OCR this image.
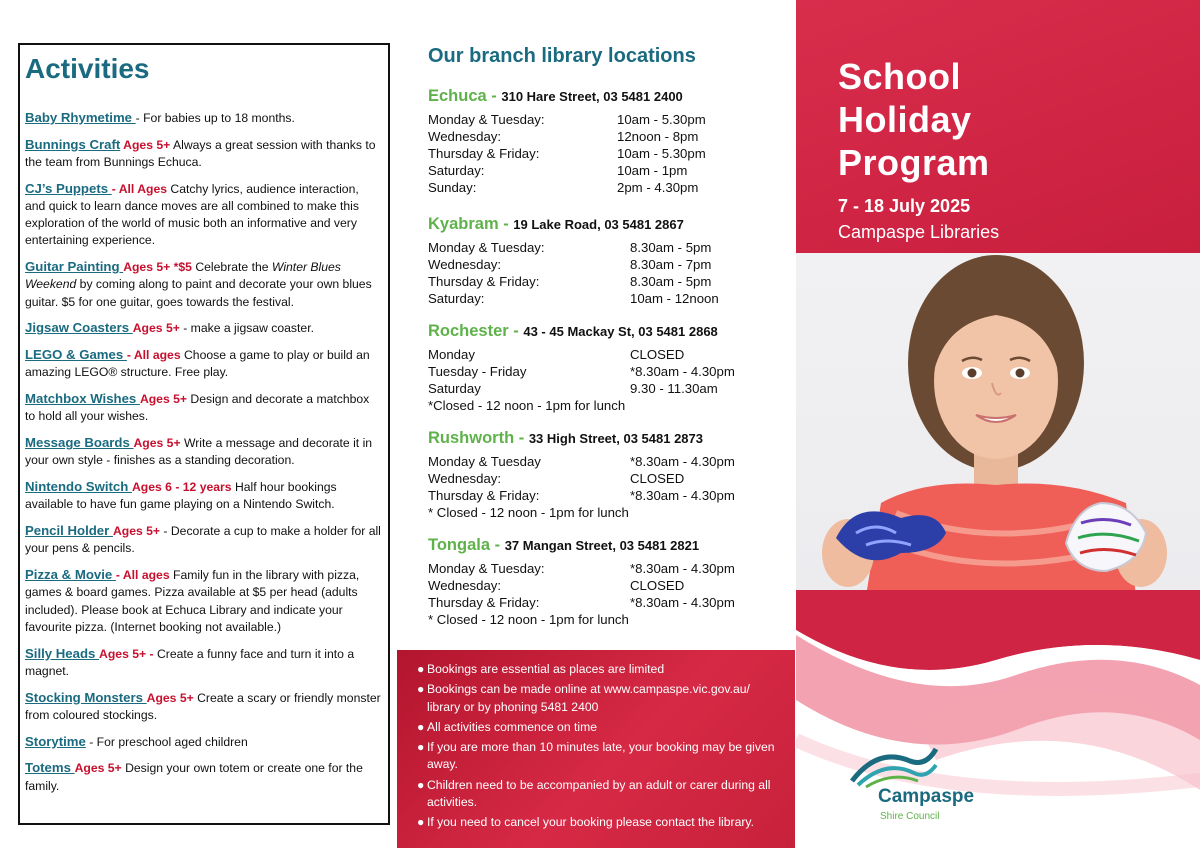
Activities
Baby Rhymetime - For babies up to 18 months.
Bunnings Craft Ages 5+ Always a great session with thanks to the team from Bunnings Echuca.
CJ’s Puppets - All Ages Catchy lyrics, audience interaction, and quick to learn dance moves are all combined to make this exploration of the world of music both an informative and very entertaining experience.
Guitar Painting Ages 5+ *$5 Celebrate the Winter Blues Weekend by coming along to paint and decorate your own blues guitar. $5 for one guitar, goes towards the festival.
Jigsaw Coasters Ages 5+ - make a jigsaw coaster.
LEGO & Games - All ages Choose a game to play or build an amazing LEGO® structure. Free play.
Matchbox Wishes Ages 5+ Design and decorate a matchbox to hold all your wishes.
Message Boards Ages 5+ Write a message and decorate it in your own style - finishes as a standing decoration.
Nintendo Switch Ages 6 - 12 years Half hour bookings available to have fun game playing on a Nintendo Switch.
Pencil Holder Ages 5+ - Decorate a cup to make a holder for all your pens & pencils.
Pizza & Movie - All ages Family fun in the library with pizza, games & board games. Pizza available at $5 per head (adults included). Please book at Echuca Library and indicate your favourite pizza. (Internet booking not available.)
Silly Heads Ages 5+ - Create a funny face and turn it into a magnet.
Stocking Monsters Ages 5+ Create a scary or friendly monster from coloured stockings.
Storytime - For preschool aged children
Totems Ages 5+ Design your own totem or create one for the family.
Our branch library locations
Echuca - 310 Hare Street, 03 5481 2400
Monday & Tuesday:	10am - 5.30pm
Wednesday:	12noon - 8pm
Thursday & Friday:	10am - 5.30pm
Saturday:	10am - 1pm
Sunday:	2pm - 4.30pm
Kyabram - 19 Lake Road, 03 5481 2867
Monday & Tuesday:	8.30am - 5pm
Wednesday:	8.30am - 7pm
Thursday & Friday:	8.30am - 5pm
Saturday:	10am - 12noon
Rochester - 43 - 45 Mackay St, 03 5481 2868
Monday	CLOSED
Tuesday - Friday	*8.30am - 4.30pm
Saturday	9.30 - 11.30am
*Closed - 12 noon - 1pm for lunch
Rushworth - 33 High Street, 03 5481 2873
Monday & Tuesday	*8.30am - 4.30pm
Wednesday:	CLOSED
Thursday & Friday:	*8.30am - 4.30pm
* Closed - 12 noon - 1pm for lunch
Tongala - 37 Mangan Street, 03 5481 2821
Monday & Tuesday:	*8.30am - 4.30pm
Wednesday:	CLOSED
Thursday & Friday:	*8.30am - 4.30pm
* Closed - 12 noon - 1pm for lunch
● Bookings are essential as places are limited
● Bookings can be made online at www.campaspe.vic.gov.au/ library or by phoning 5481 2400
● All activities commence on time
● If you are more than 10 minutes late, your booking may be given away.
● Children need to be accompanied by an adult or carer during all activities.
● If you need to cancel your booking please contact the library.
School
Holiday
Program
7 - 18 July 2025
Campaspe Libraries
Campaspe
Shire Council
